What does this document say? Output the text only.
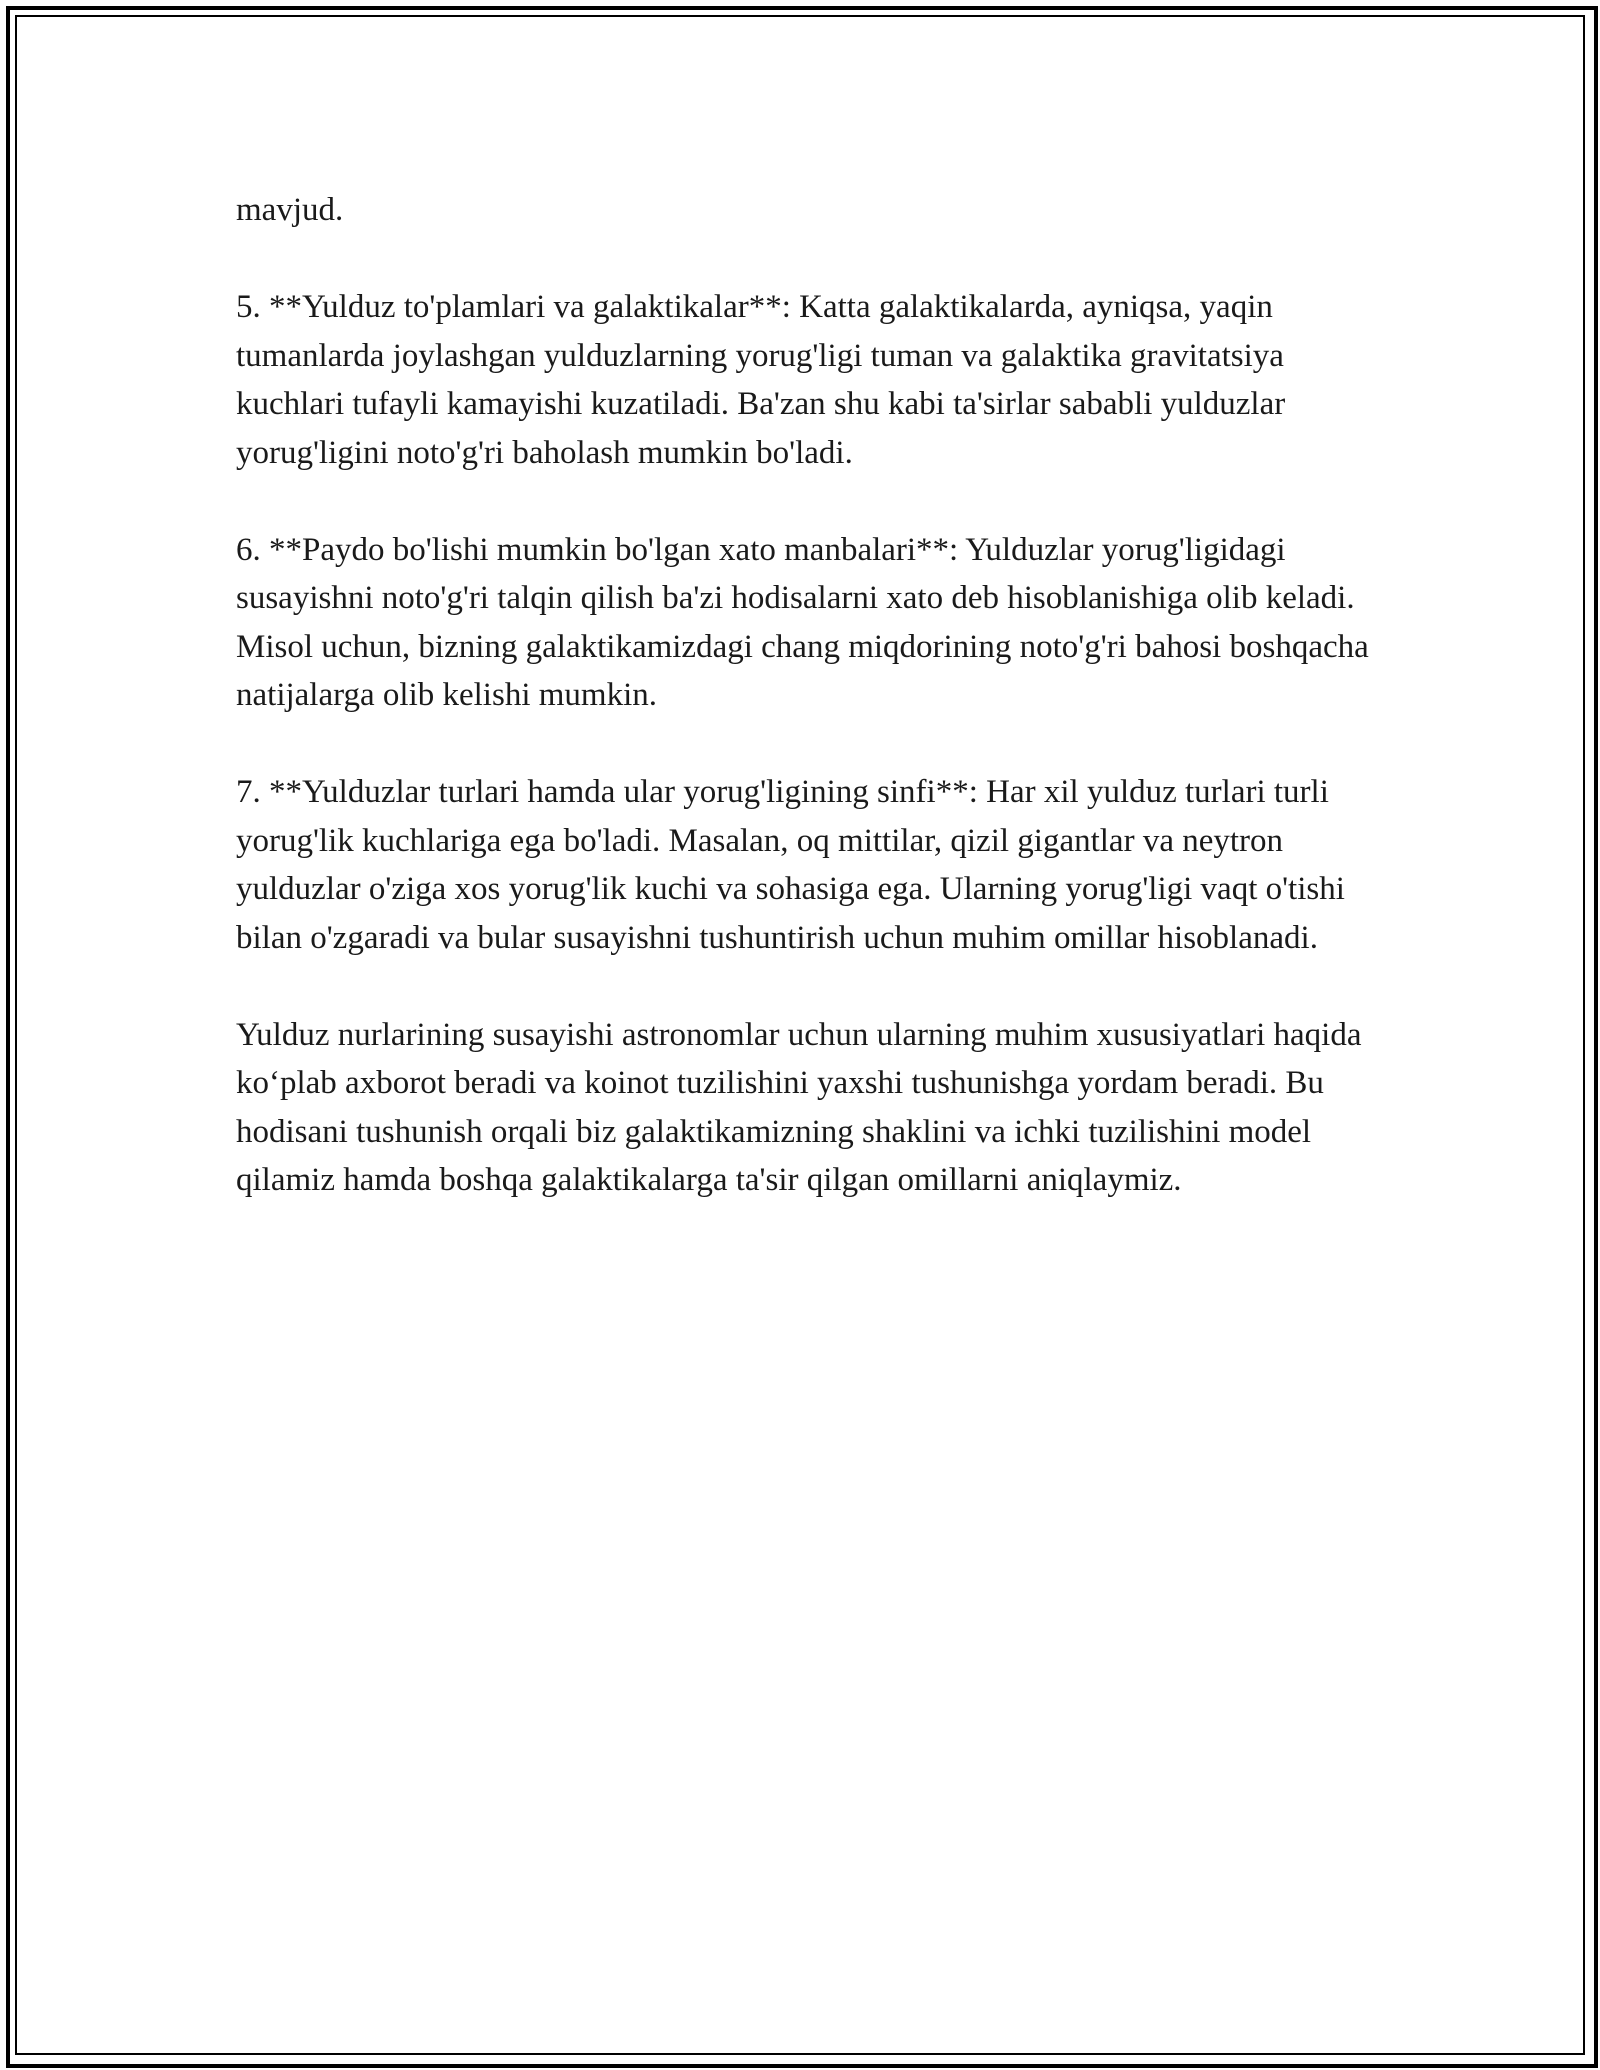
mavjud.

5. **Yulduz to'plamlari va galaktikalar**: Katta galaktikalarda, ayniqsa, yaqin tumanlarda joylashgan yulduzlarning yorug'ligi tuman va galaktika gravitatsiya kuchlari tufayli kamayishi kuzatiladi. Ba'zan shu kabi ta'sirlar sababli yulduzlar yorug'ligini noto'g'ri baholash mumkin bo'ladi.

6. **Paydo bo'lishi mumkin bo'lgan xato manbalari**: Yulduzlar yorug'ligidagi susayishni noto'g'ri talqin qilish ba'zi hodisalarni xato deb hisoblanishiga olib keladi. Misol uchun, bizning galaktikamizdagi chang miqdorining noto'g'ri bahosi boshqacha natijalarga olib kelishi mumkin.

7. **Yulduzlar turlari hamda ular yorug'ligining sinfi**: Har xil yulduz turlari turli yorug'lik kuchlariga ega bo'ladi. Masalan, oq mittilar, qizil gigantlar va neytron yulduzlar o'ziga xos yorug'lik kuchi va sohasiga ega. Ularning yorug'ligi vaqt o'tishi bilan o'zgaradi va bular susayishni tushuntirish uchun muhim omillar hisoblanadi.

Yulduz nurlarining susayishi astronomlar uchun ularning muhim xususiyatlari haqida ko‘plab axborot beradi va koinot tuzilishini yaxshi tushunishga yordam beradi. Bu hodisani tushunish orqali biz galaktikamizning shaklini va ichki tuzilishini model qilamiz hamda boshqa galaktikalarga ta'sir qilgan omillarni aniqlaymiz.
